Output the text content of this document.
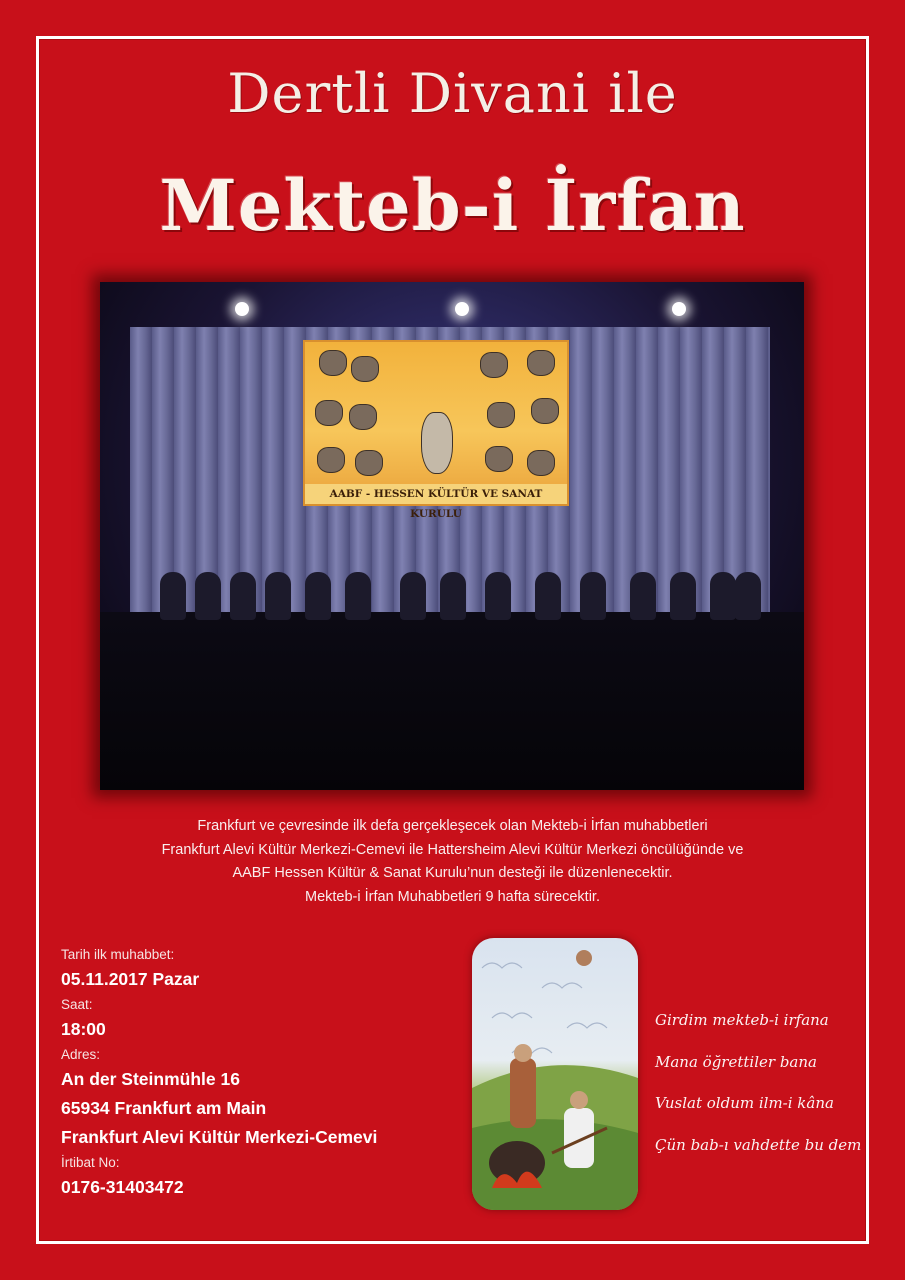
Dertli Divani ile
Mekteb-i İrfan
AABF - HESSEN KÜLTÜR VE SANAT KURULU
Frankfurt ve çevresinde ilk defa gerçekleşecek olan Mekteb-i İrfan muhabbetleri
Frankfurt Alevi Kültür Merkezi-Cemevi ile Hattersheim Alevi Kültür Merkezi öncülüğünde ve
AABF Hessen Kültür & Sanat Kurulu’nun desteği ile düzenlenecektir.
Mekteb-i İrfan Muhabbetleri 9 hafta sürecektir.
Tarih ilk muhabbet:
05.11.2017 Pazar
Saat:
18:00
Adres:
An der Steinmühle 16
65934 Frankfurt am Main
Frankfurt Alevi Kültür Merkezi-Cemevi
İrtibat No:
0176-31403472
Girdim mekteb-i irfana
Mana öğrettiler bana
Vuslat oldum ilm-i kâna
Çün bab-ı vahdette bu dem
